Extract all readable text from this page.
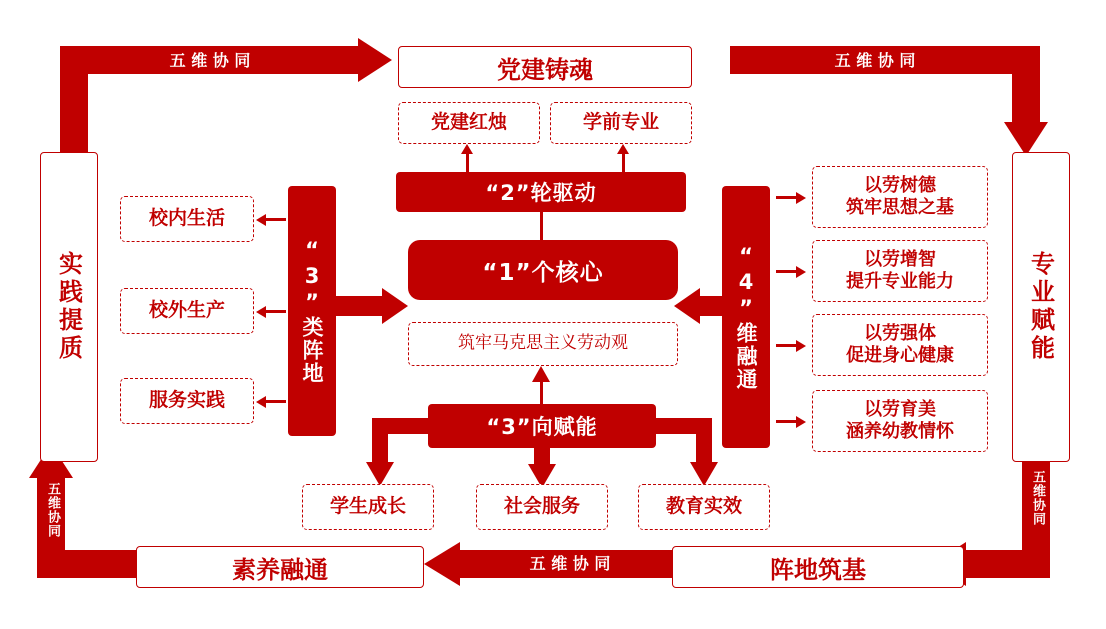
五 维 协 同	五 维 协 同
五维协同
五 维 协 同
五维协同
党建铸魂
实践提质	专业赋能
素养融通	阵地筑基
党建红烛	学前专业
“2”轮驱动
“1”个核心
筑牢马克思主义劳动观
“3”类阵地
校内生活
校外生产
服务实践
“4”维融通
以劳树德
筑牢思想之基
以劳增智
提升专业能力
以劳强体
促进身心健康
以劳育美
涵养幼教情怀
“3”向赋能
学生成长	社会服务	教育实效
